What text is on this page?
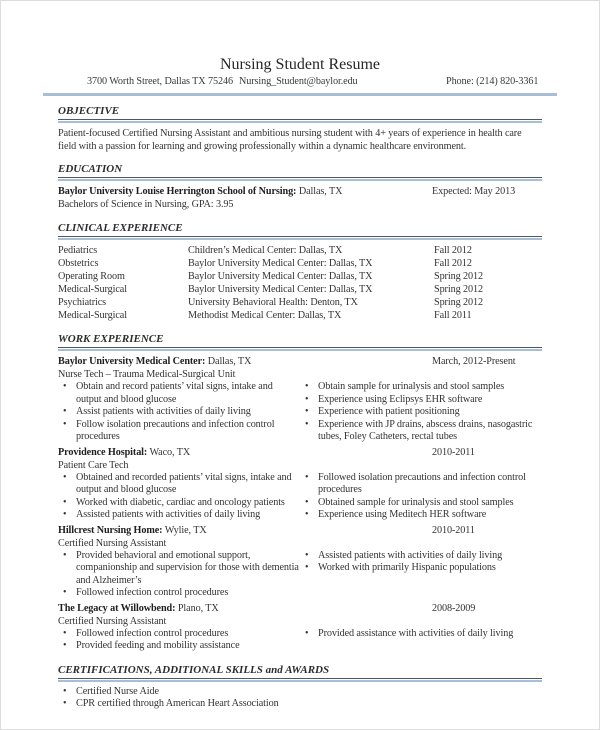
Nursing Student Resume
3700 Worth Street, Dallas TX 75246 Nursing_Student@baylor.edu	Phone: (214) 820-3361
OBJECTIVE

Patient-focused Certified Nursing Assistant and ambitious nursing student with 4+ years of experience in health care field with a passion for learning and growing professionally within a dynamic healthcare environment.

EDUCATION
Baylor University Louise Herrington School of Nursing: Dallas, TX	Expected: May 2013
Bachelors of Science in Nursing, GPA: 3.95
CLINICAL EXPERIENCE
Pediatrics	Children’s Medical Center: Dallas, TX	Fall 2012
Obstetrics	Baylor University Medical Center: Dallas, TX	Fall 2012
Operating Room	Baylor University Medical Center: Dallas, TX	Spring 2012
Medical-Surgical	Baylor University Medical Center: Dallas, TX	Spring 2012
Psychiatrics	University Behavioral Health: Denton, TX	Spring 2012
Medical-Surgical	Methodist Medical Center: Dallas, TX	Fall 2011
WORK EXPERIENCE
Baylor University Medical Center: Dallas, TX	March, 2012-Present
Nurse Tech – Trauma Medical-Surgical Unit
• Obtain and record patients’ vital signs, intake and output and blood glucose
• Assist patients with activities of daily living
• Follow isolation precautions and infection control procedures
• Obtain sample for urinalysis and stool samples
• Experience using Eclipsys EHR software
• Experience with patient positioning
• Experience with JP drains, abscess drains, nasogastric tubes, Foley Catheters, rectal tubes
Providence Hospital: Waco, TX	2010-2011
Patient Care Tech
• Obtained and recorded patients’ vital signs, intake and output and blood glucose
• Worked with diabetic, cardiac and oncology patients
• Assisted patients with activities of daily living
• Followed isolation precautions and infection control procedures
• Obtained sample for urinalysis and stool samples
• Experience using Meditech HER software
Hillcrest Nursing Home: Wylie, TX	2010-2011
Certified Nursing Assistant
• Provided behavioral and emotional support, companionship and supervision for those with dementia and Alzheimer’s
• Followed infection control procedures
• Assisted patients with activities of daily living
• Worked with primarily Hispanic populations
The Legacy at Willowbend: Plano, TX	2008-2009
Certified Nursing Assistant
• Followed infection control procedures
• Provided feeding and mobility assistance
• Provided assistance with activities of daily living
CERTIFICATIONS, ADDITIONAL SKILLS and AWARDS
• Certified Nurse Aide
• CPR certified through American Heart Association
